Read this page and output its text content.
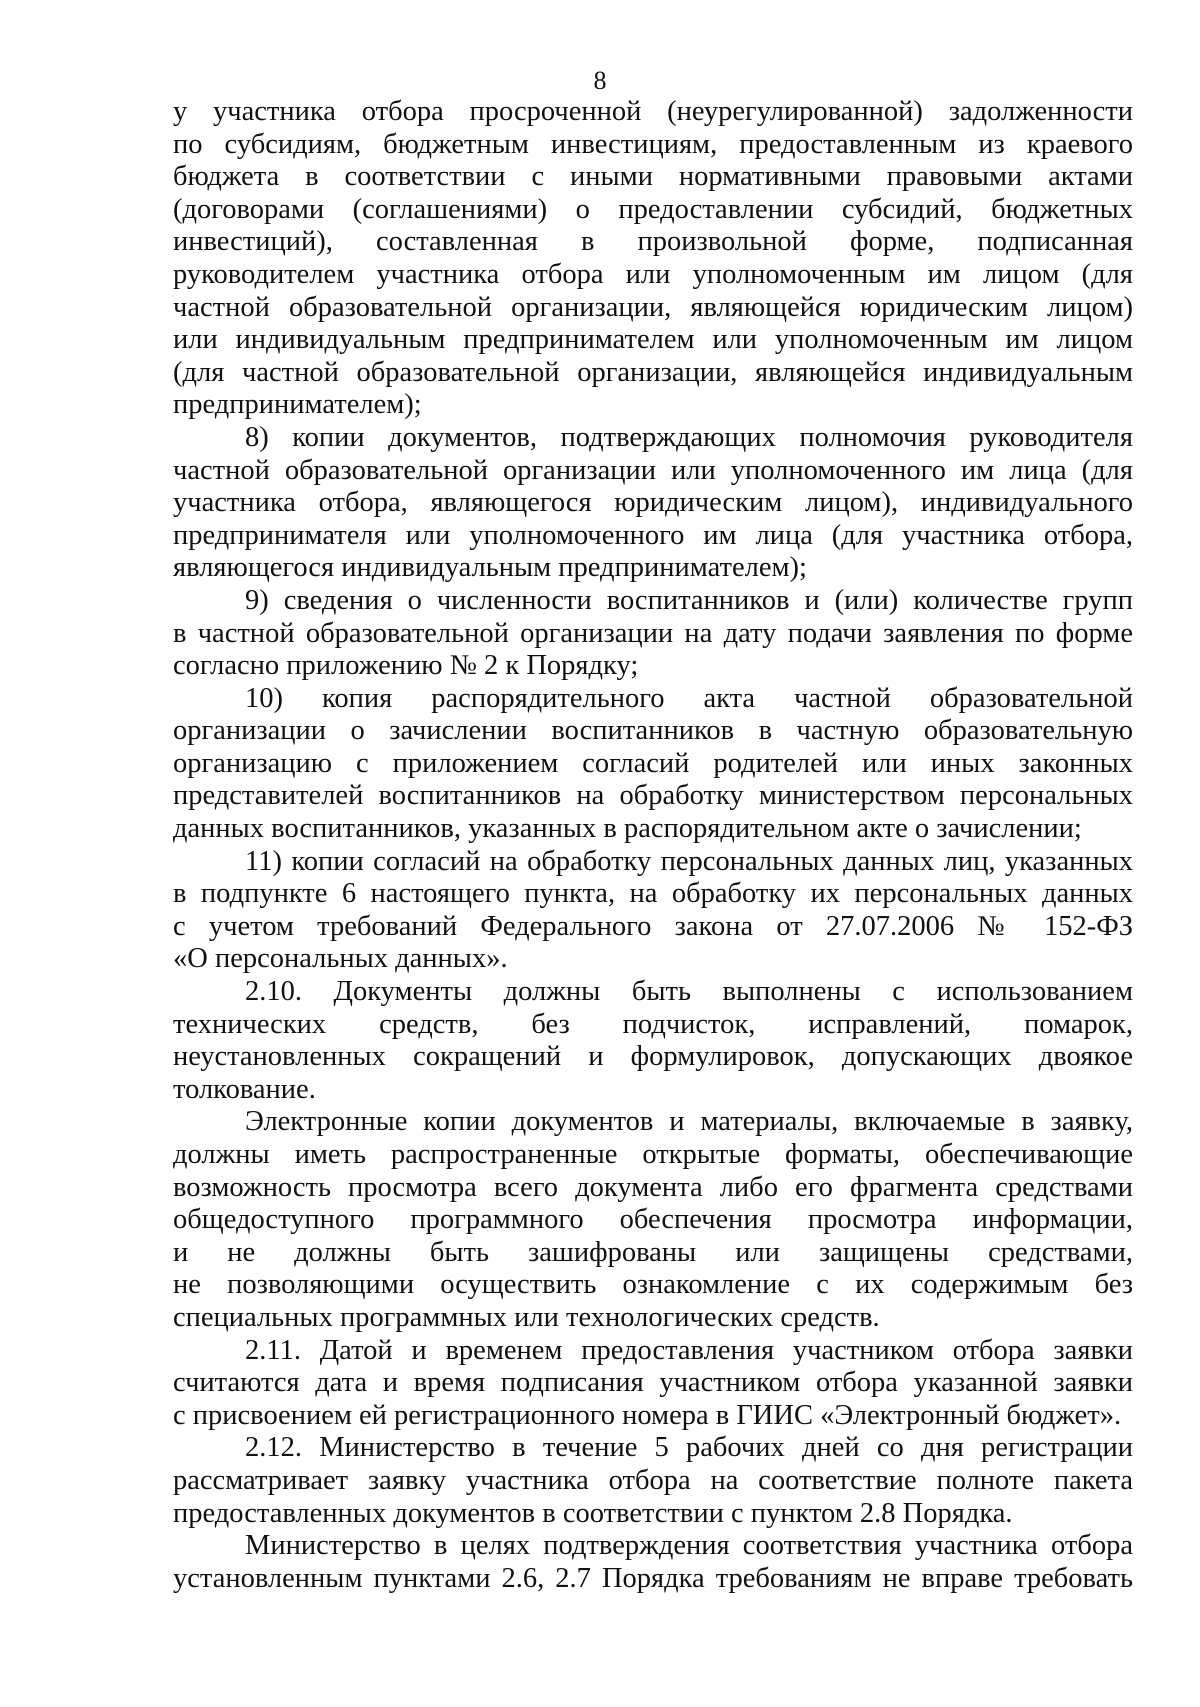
8
у участника отбора просроченной (неурегулированной) задолженности
по субсидиям, бюджетным инвестициям, предоставленным из краевого
бюджета в соответствии с иными нормативными правовыми актами
(договорами (соглашениями) о предоставлении субсидий, бюджетных
инвестиций), составленная в произвольной форме, подписанная
руководителем участника отбора или уполномоченным им лицом (для
частной образовательной организации, являющейся юридическим лицом)
или индивидуальным предпринимателем или уполномоченным им лицом
(для частной образовательной организации, являющейся индивидуальным
предпринимателем);
8) копии документов, подтверждающих полномочия руководителя
частной образовательной организации или уполномоченного им лица (для
участника отбора, являющегося юридическим лицом), индивидуального
предпринимателя или уполномоченного им лица (для участника отбора,
являющегося индивидуальным предпринимателем);
9) сведения о численности воспитанников и (или) количестве групп
в частной образовательной организации на дату подачи заявления по форме
согласно приложению № 2 к Порядку;
10) копия распорядительного акта частной образовательной
организации о зачислении воспитанников в частную образовательную
организацию с приложением согласий родителей или иных законных
представителей воспитанников на обработку министерством персональных
данных воспитанников, указанных в распорядительном акте о зачислении;
11) копии согласий на обработку персональных данных лиц, указанных
в подпункте 6 настоящего пункта, на обработку их персональных данных
с учетом требований Федерального закона от 27.07.2006 № 152-ФЗ
«О персональных данных».
2.10. Документы должны быть выполнены с использованием
технических средств, без подчисток, исправлений, помарок,
неустановленных сокращений и формулировок, допускающих двоякое
толкование.
Электронные копии документов и материалы, включаемые в заявку,
должны иметь распространенные открытые форматы, обеспечивающие
возможность просмотра всего документа либо его фрагмента средствами
общедоступного программного обеспечения просмотра информации,
и не должны быть зашифрованы или защищены средствами,
не позволяющими осуществить ознакомление с их содержимым без
специальных программных или технологических средств.
2.11. Датой и временем предоставления участником отбора заявки
считаются дата и время подписания участником отбора указанной заявки
с присвоением ей регистрационного номера в ГИИС «Электронный бюджет».
2.12. Министерство в течение 5 рабочих дней со дня регистрации
рассматривает заявку участника отбора на соответствие полноте пакета
предоставленных документов в соответствии с пунктом 2.8 Порядка.
Министерство в целях подтверждения соответствия участника отбора
установленным пунктами 2.6, 2.7 Порядка требованиям не вправе требовать
